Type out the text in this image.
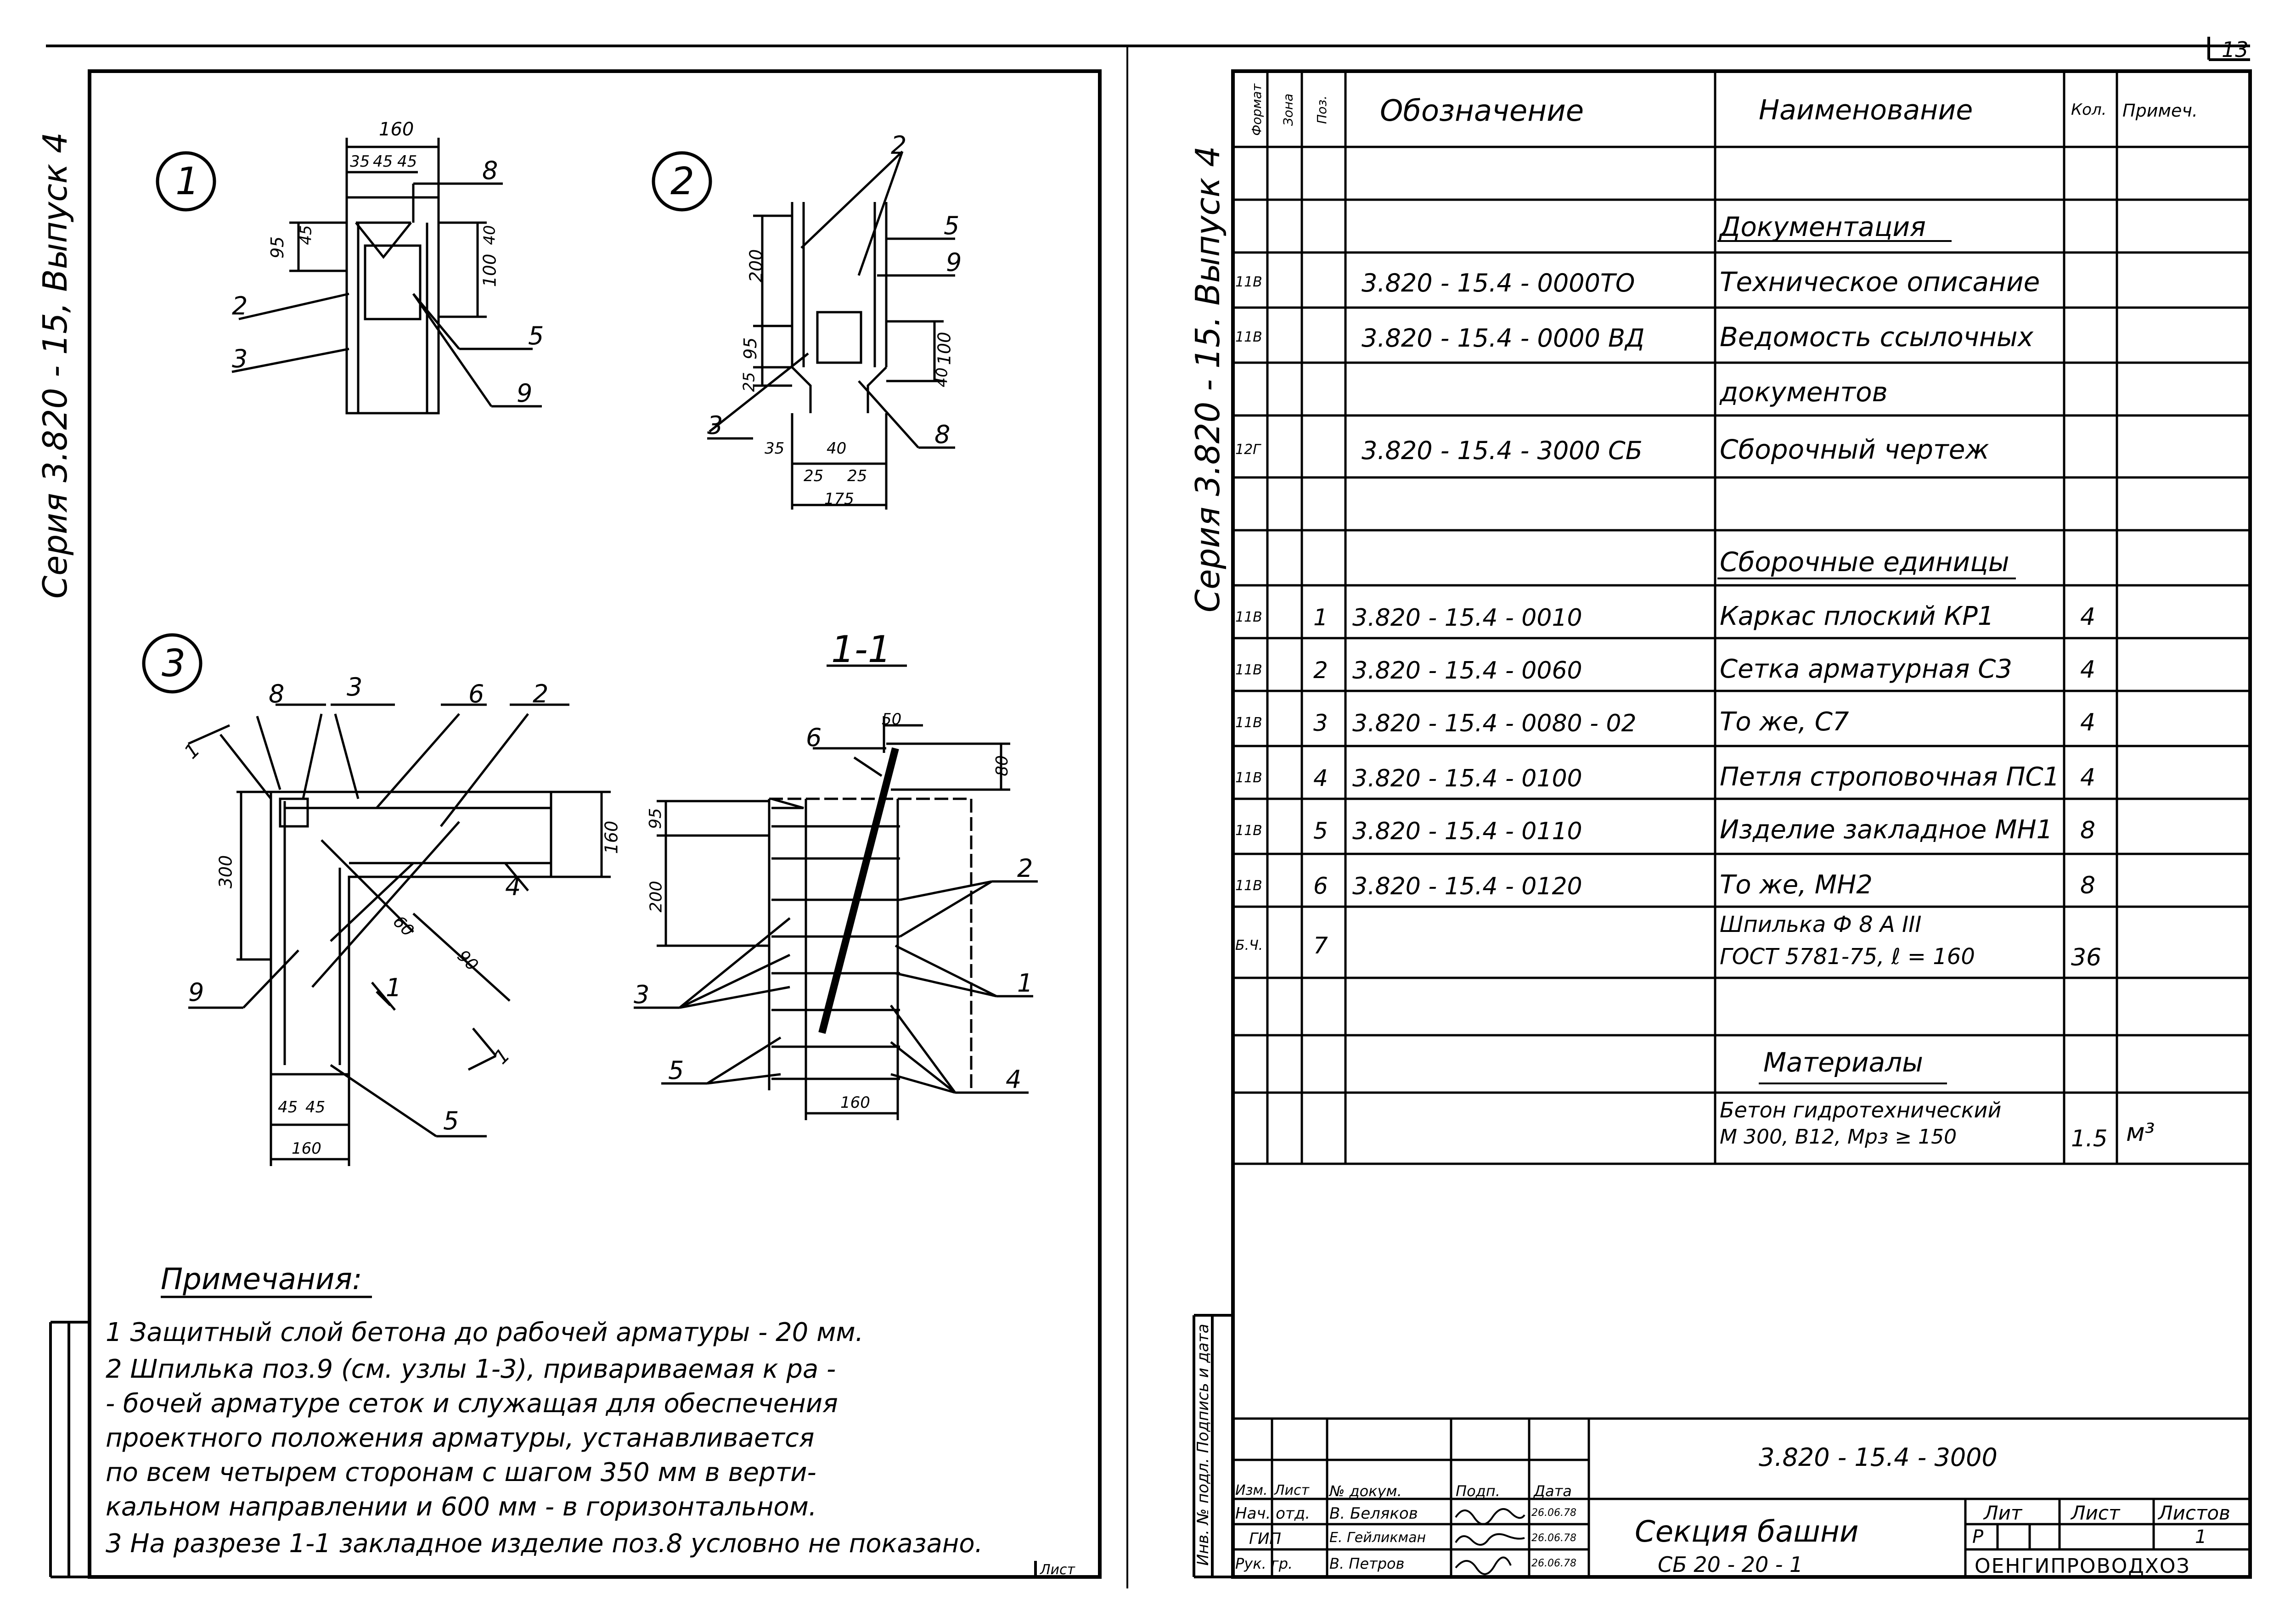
13
Лист
Серия 3.820 - 15, Выпуск 4	Серия 3.820 - 15. Выпуск 4
1	2
3	1-1
160
35 45 45
95
45	40
100
8
2
3
5
9
200
95
25
100
40
35	40
25 25
175
2
5
9
3	8
300
160
60
90
45 45
160
8	3	6 2
4
1
9
5
1
1
50
80
95
200
160
6
2
1
3
5	4
Примечания:
1 Защитный слой бетона до рабочей арматуры - 20 мм.
2 Шпилька поз.9 (см. узлы 1-3), привариваемая к ра -
- бочей арматуре сеток и служащая для обеспечения
проектного положения арматуры, устанавливается
по всем четырем сторонам с шагом 350 мм в верти-
кальном направлении и 600 мм - в горизонтальном.
3 На разрезе 1-1 закладное изделие поз.8 условно не показано.
Формат Зона Поз. Обозначение	Наименование	Кол. Примеч.
Документация
11В	3.820 - 15.4 - 0000ТО	Техническое описание
11В	3.820 - 15.4 - 0000 ВД	Ведомость ссылочных
документов
12Г	3.820 - 15.4 - 3000 СБ	Сборочный чертеж
Сборочные единицы
11В 1 3.820 - 15.4 - 0010	Каркас плоский КР1	4
11В 2 3.820 - 15.4 - 0060	Сетка арматурная С3	4
11В 3 3.820 - 15.4 - 0080 - 02	То же, С7	4
11В 4 3.820 - 15.4 - 0100	Петля строповочная ПС1 4
11В 5 3.820 - 15.4 - 0110	Изделие закладное МН1 8
11В 6 3.820 - 15.4 - 0120	То же, МН2	8
Б.Ч. 7
Шпилька Ф 8 А III
ГОСТ 5781-75, ℓ = 160	36
Материалы
Бетон гидротехнический
М 300, В12, Мрз ≥ 150	1.5 м³
Инв. № подл. Подпись и дата	3.820 - 15.4 - 3000
Изм. Лист № докум.	Подп. Дата
Нач. отд. В. Беляков	26.06.78
ГИП	Е. Гейликман	26.06.78
Рук. гр. В. Петров	26.06.78
Секция башни
СБ 20 - 20 - 1
Лит	Лист Листов
Р	1
ОЕНГИПРОВОДХОЗ
